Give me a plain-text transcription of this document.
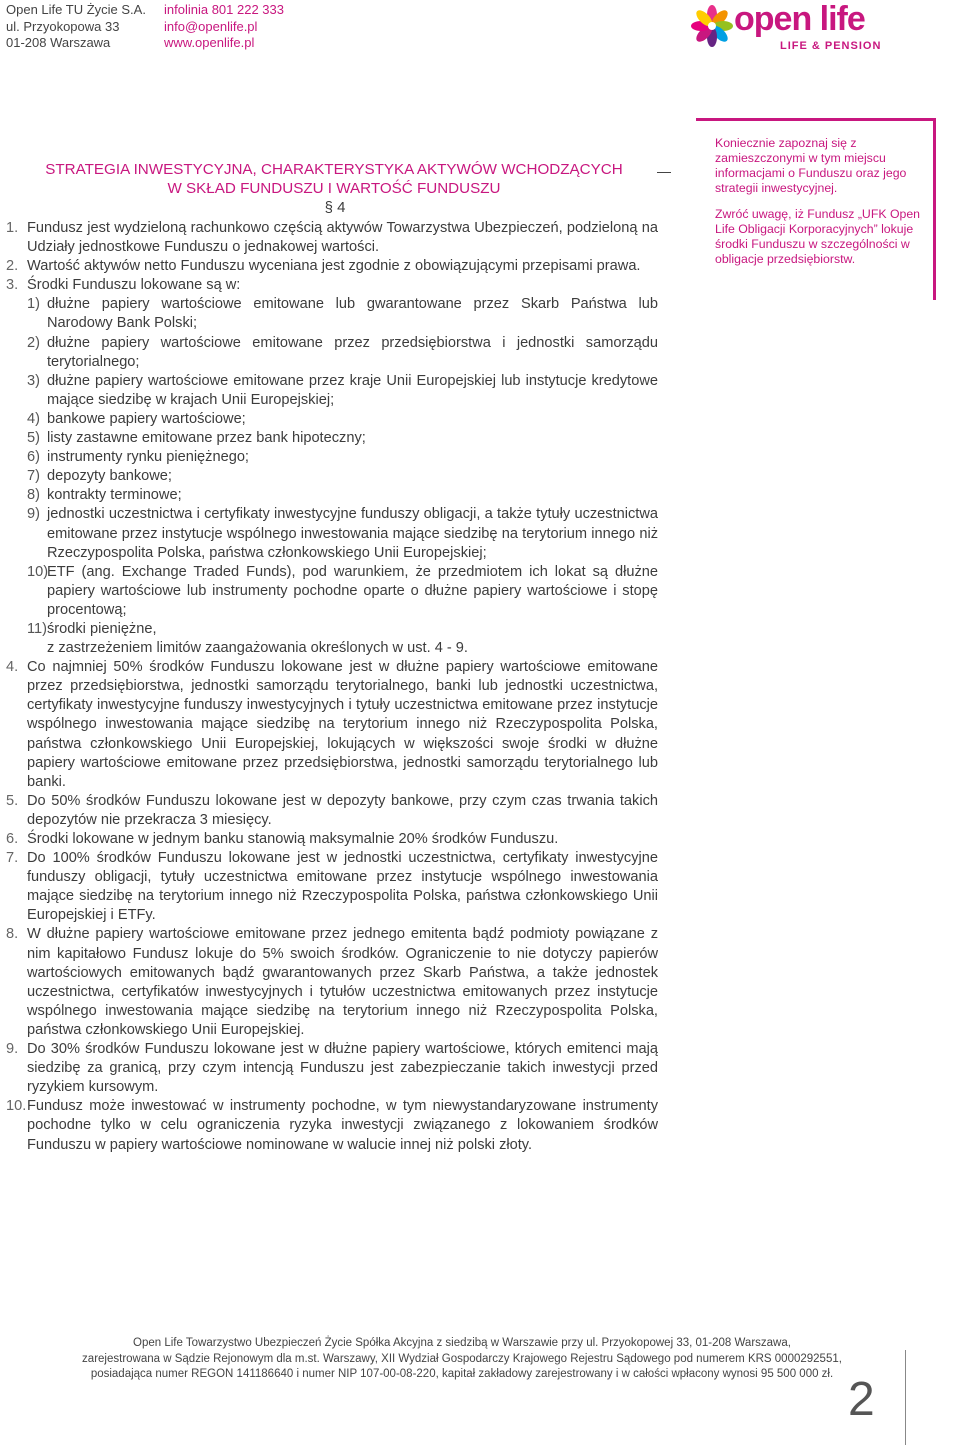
Open Life TU Życie S.A.
ul. Przyokopowa 33
01-208 Warszawa
infolinia 801 222 333
info@openlife.pl
www.openlife.pl
open life
LIFE & PENSION
STRATEGIA INWESTYCYJNA, CHARAKTERYSTYKA AKTYWÓW WCHODZĄCYCH
W SKŁAD FUNDUSZU I WARTOŚĆ FUNDUSZU
§ 4
1. Fundusz jest wydzieloną rachunkowo częścią aktywów Towarzystwa Ubezpieczeń, podzieloną na Udziały jednostkowe Funduszu o jednakowej wartości.
2. Wartość aktywów netto Funduszu wyceniana jest zgodnie z obowiązującymi przepisami prawa.
3. Środki Funduszu lokowane są w:
1) dłużne papiery wartościowe emitowane lub gwarantowane przez Skarb Państwa lub Narodowy Bank Polski;
2) dłużne papiery wartościowe emitowane przez przedsiębiorstwa i jednostki samorządu terytorialnego;
3) dłużne papiery wartościowe emitowane przez kraje Unii Europejskiej lub instytucje kredytowe mające siedzibę w krajach Unii Europejskiej;
4) bankowe papiery wartościowe;
5) listy zastawne emitowane przez bank hipoteczny;
6) instrumenty rynku pieniężnego;
7) depozyty bankowe;
8) kontrakty terminowe;
9) jednostki uczestnictwa i certyfikaty inwestycyjne funduszy obligacji, a także tytuły uczestnictwa emitowane przez instytucje wspólnego inwestowania mające siedzibę na terytorium innego niż Rzeczypospolita Polska, państwa członkowskiego Unii Europejskiej;
10)
ETF (ang. Exchange Traded Funds), pod warunkiem, że przedmiotem ich lokat są dłużne papiery wartościowe lub instrumenty pochodne oparte o dłużne papiery wartościowe i stopę procentową;
11) środki pieniężne,
z zastrzeżeniem limitów zaangażowania określonych w ust. 4 - 9.
4. Co najmniej 50% środków Funduszu lokowane jest w dłużne papiery wartościowe emitowane przez przedsiębiorstwa, jednostki samorządu terytorialnego, banki lub jednostki uczestnictwa, certyfikaty inwestycyjne funduszy inwestycyjnych i tytuły uczestnictwa emitowane przez instytucje wspólnego inwestowania mające siedzibę na terytorium innego niż Rzeczypospolita Polska, państwa członkowskiego Unii Europejskiej, lokujących w większości swoje środki w dłużne papiery wartościowe emitowane przez przedsiębiorstwa, jednostki samorządu terytorialnego lub banki.
5. Do 50% środków Funduszu lokowane jest w depozyty bankowe, przy czym czas trwania takich depozytów nie przekracza 3 miesięcy.
6. Środki lokowane w jednym banku stanowią maksymalnie 20% środków Funduszu.
7. Do 100% środków Funduszu lokowane jest w jednostki uczestnictwa, certyfikaty inwestycyjne funduszy obligacji, tytuły uczestnictwa emitowane przez instytucje wspólnego inwestowania mające siedzibę na terytorium innego niż Rzeczypospolita Polska, państwa członkowskiego Unii Europejskiej i ETFy.
8. W dłużne papiery wartościowe emitowane przez jednego emitenta bądź podmioty powiązane z nim kapitałowo Fundusz lokuje do 5% swoich środków. Ograniczenie to nie dotyczy papierów wartościowych emitowanych bądź gwarantowanych przez Skarb Państwa, a także jednostek uczestnictwa, certyfikatów inwestycyjnych i tytułów uczestnictwa emitowanych przez instytucje wspólnego inwestowania mające siedzibę na terytorium innego niż Rzeczypospolita Polska, państwa członkowskiego Unii Europejskiej.
9. Do 30% środków Funduszu lokowane jest w dłużne papiery wartościowe, których emitenci mają siedzibę za granicą, przy czym intencją Funduszu jest zabezpieczanie takich inwestycji przed ryzykiem kursowym.
10. Fundusz może inwestować w instrumenty pochodne, w tym niewystandaryzowane instrumenty pochodne tylko w celu ograniczenia ryzyka inwestycji związanego z lokowaniem środków Funduszu w papiery wartościowe nominowane w walucie innej niż polski złoty.

Koniecznie zapoznaj się z zamieszczonymi w tym miejscu informacjami o Funduszu oraz jego strategii inwestycyjnej.

Zwróć uwagę, iż Fundusz „UFK Open Life Obligacji Korporacyjnych” lokuje środki Funduszu w szczególności w obligacje przedsiębiorstw.

Open Life Towarzystwo Ubezpieczeń Życie Spółka Akcyjna z siedzibą w Warszawie przy ul. Przyokopowej 33, 01-208 Warszawa,
zarejestrowana w Sądzie Rejonowym dla m.st. Warszawy, XII Wydział Gospodarczy Krajowego Rejestru Sądowego pod numerem KRS 0000292551,
posiadająca numer REGON 141186640 i numer NIP 107-00-08-220, kapitał zakładowy zarejestrowany i w całości wpłacony wynosi 95 500 000 zł. 2
